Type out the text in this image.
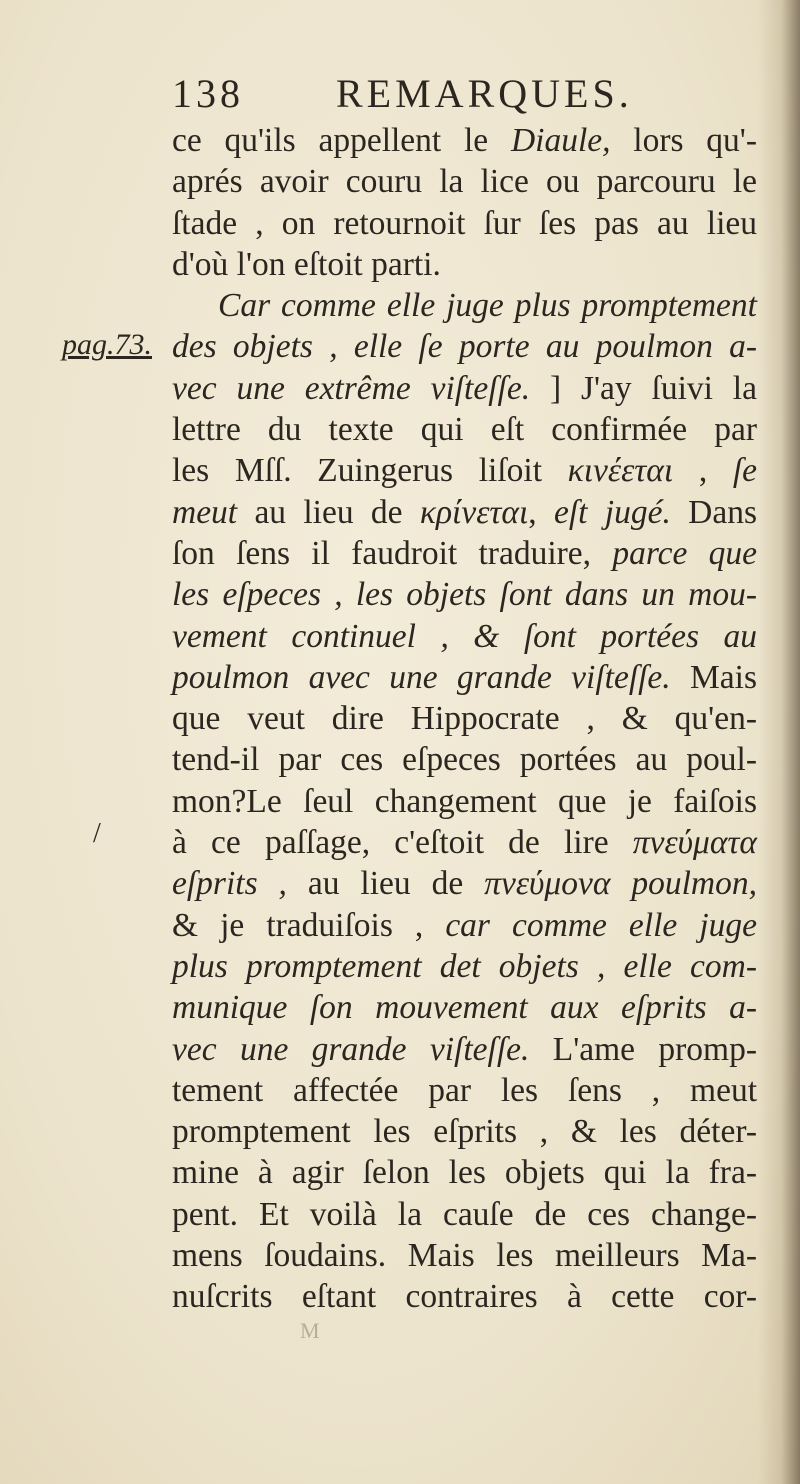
138 REMARQUES.
pag.73.
/
ce qu'ils appellent le Diaule, lors qu'-
aprés avoir couru la lice ou parcouru le
ſtade , on retournoit ſur ſes pas au lieu
d'où l'on eſtoit parti.
Car comme elle juge plus promptement
des objets , elle ſe porte au poulmon a-
vec une extrême viſteſſe. ] J'ay ſuivi la
lettre du texte qui eſt confirmée par
les Mſſ. Zuingerus liſoit κινέεται , ſe
meut au lieu de κρίνεται, eſt jugé. Dans
ſon ſens il faudroit traduire, parce que
les eſpeces , les objets ſont dans un mou-
vement continuel , & ſont portées au
poulmon avec une grande viſteſſe. Mais
que veut dire Hippocrate , & qu'en-
tend-il par ces eſpeces portées au poul-
mon?Le ſeul changement que je faiſois
à ce paſſage, c'eſtoit de lire πνεύματα
eſprits , au lieu de πνεύμονα poulmon,
& je traduiſois , car comme elle juge
plus promptement det objets , elle com-
munique ſon mouvement aux eſprits a-
vec une grande viſteſſe. L'ame promp-
tement affectée par les ſens , meut
promptement les eſprits , & les déter-
mine à agir ſelon les objets qui la fra-
pent. Et voilà la cauſe de ces change-
mens ſoudains. Mais les meilleurs Ma-
nuſcrits eſtant contraires à cette cor-
M
